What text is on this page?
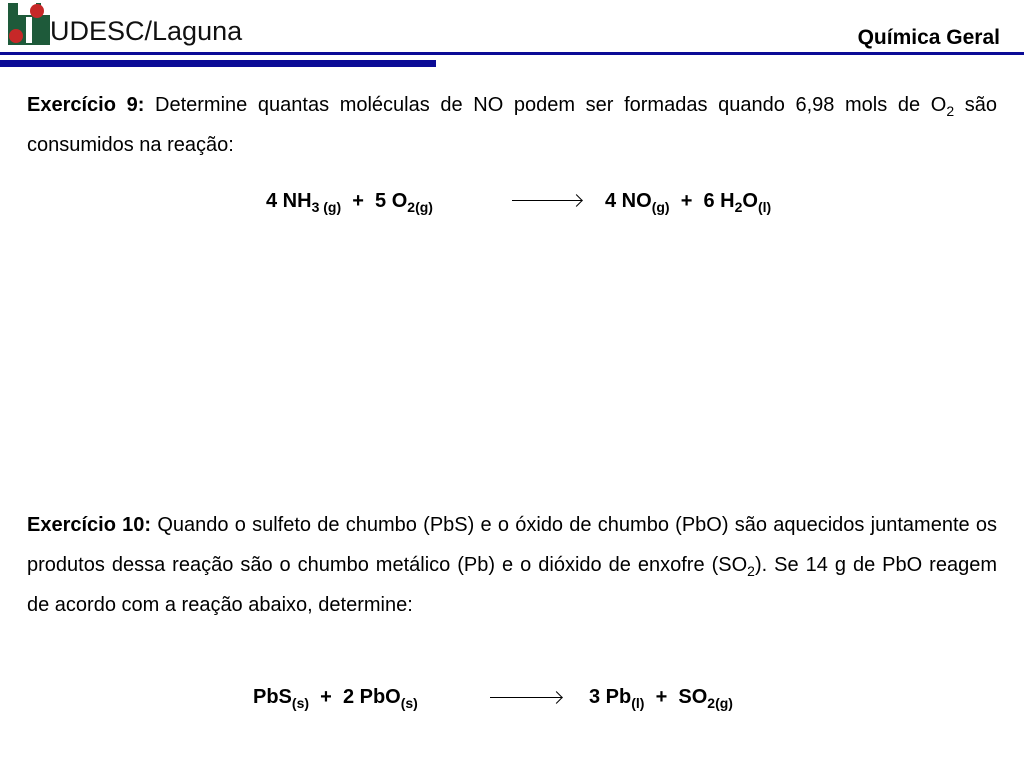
UDESC/Laguna	Química Geral
Exercício 9: Determine quantas moléculas de NO podem ser formadas quando 6,98 mols de $O_2$ são consumidos na reação:
4 $NH_{3 (g)} + 5$ $O_{2(g)}$	4 $NO_{(g)} + 6$ $H_2O_{(l)}$
Exercício 10: Quando o sulfeto de chumbo (PbS) e o óxido de chumbo (PbO) são aquecidos juntamente os produtos dessa reação são o chumbo metálico (Pb) e o dióxido de enxofre $(SO_2)$. Se 14 g de PbO reagem de acordo com a reação abaixo, determine:
PbS$_{(s)}$  +  2 PbO$_{(s)}$	3 $Pb_{(l)} + SO_{2(g)}$
